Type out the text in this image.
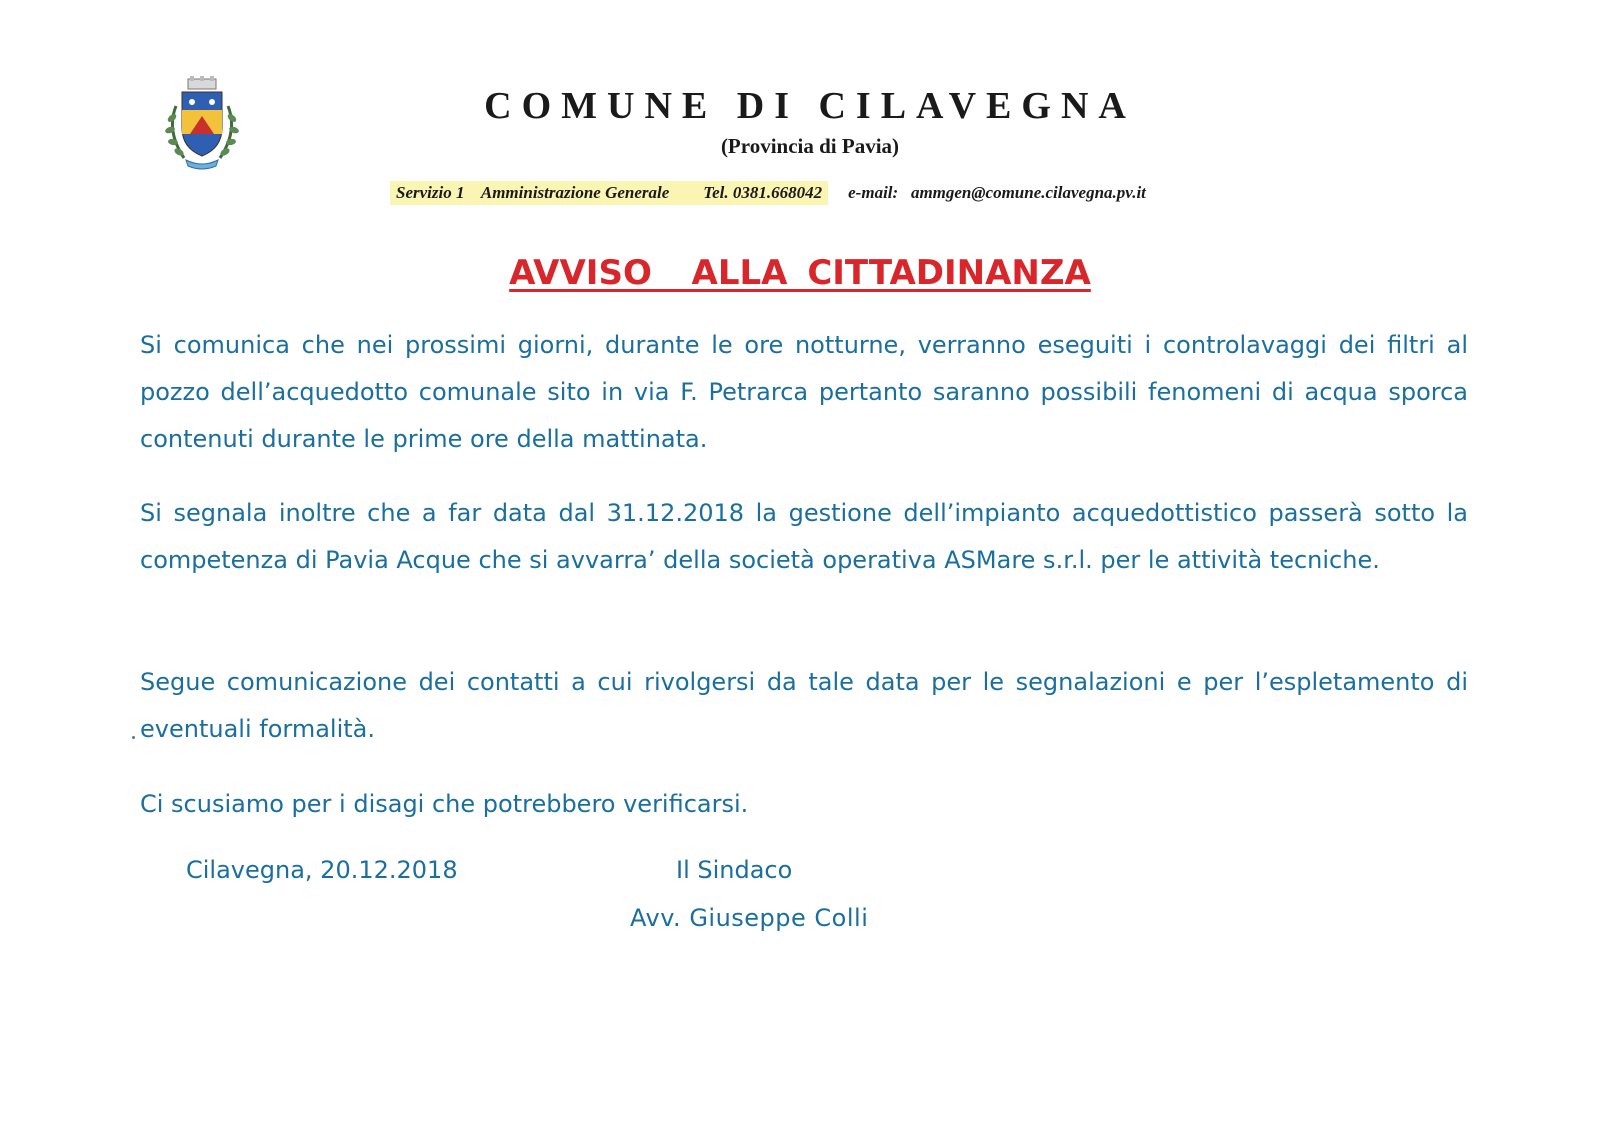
COMUNE DI CILAVEGNA
(Provincia di Pavia)
Servizio 1 Amministrazione Generale Tel. 0381.668042	e-mail: ammgen@comune.cilavegna.pv.it
AVVISO  ALLA CITTADINANZA
Si comunica che nei prossimi giorni, durante le ore notturne, verranno eseguiti i controlavaggi dei filtri al pozzo dell’acquedotto comunale sito in via F. Petrarca pertanto saranno possibili fenomeni di acqua sporca contenuti durante le prime ore della mattinata.
Si segnala inoltre che a far data dal 31.12.2018 la gestione dell’impianto acquedottistico passerà sotto la competenza di Pavia Acque che si avvarra’ della società operativa ASMare s.r.l. per le attività tecniche.
Segue comunicazione dei contatti a cui rivolgersi da tale data per le segnalazioni e per l’espletamento di eventuali formalità.
Ci scusiamo per i disagi che potrebbero verificarsi.
Cilavegna, 20.12.2018	Il Sindaco
Avv. Giuseppe Colli
